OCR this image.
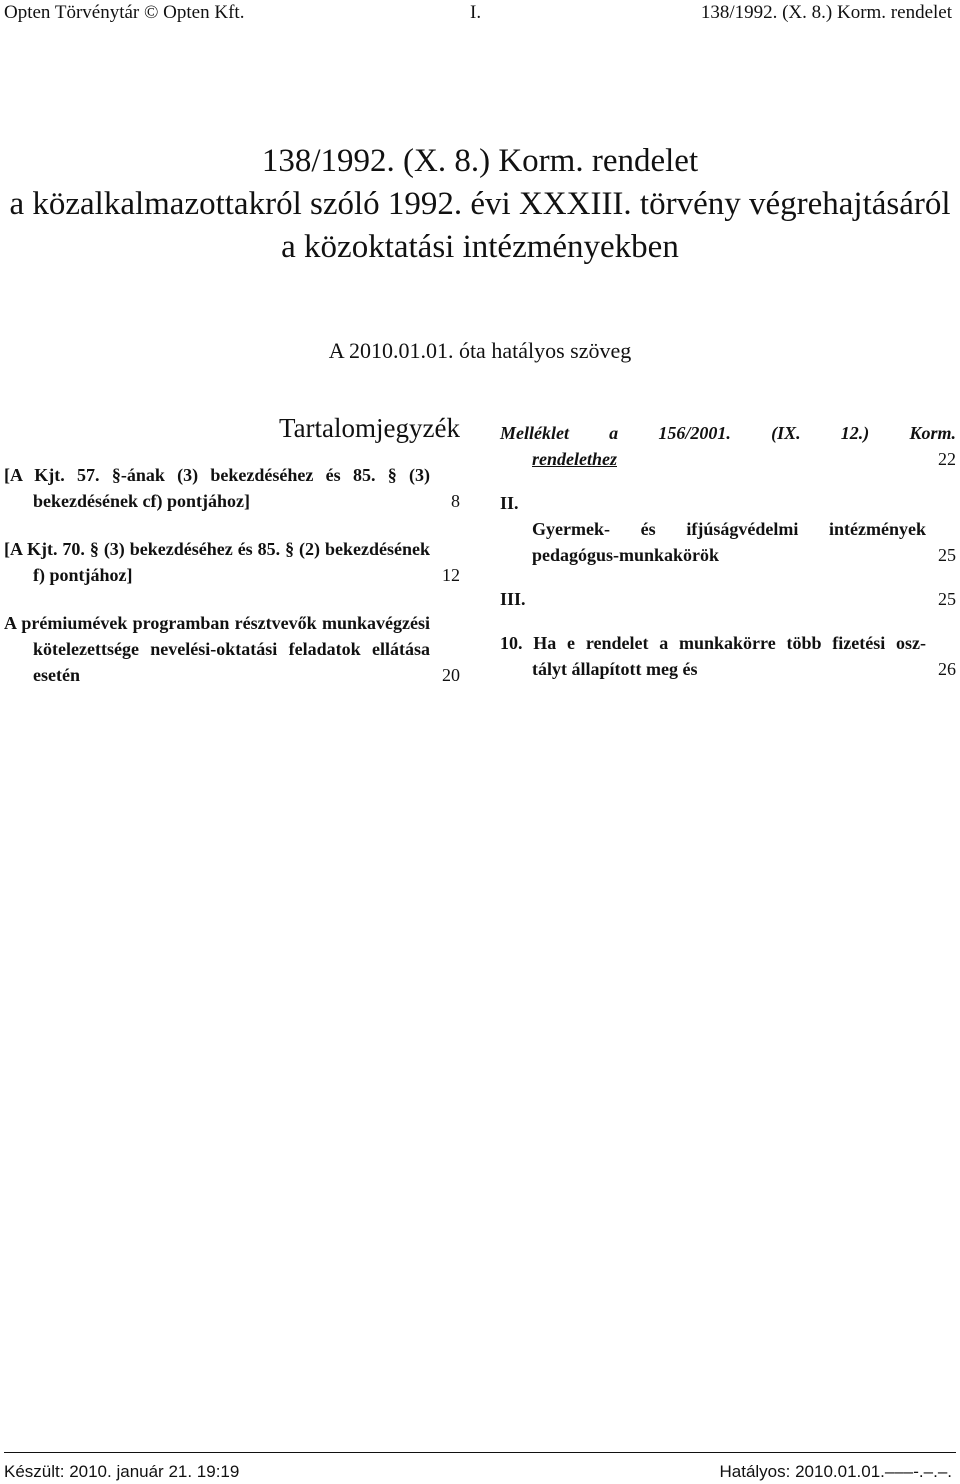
Opten Törvénytár © Opten Kft.	I.	138/1992. (X. 8.) Korm. rendelet
138/1992. (X. 8.) Korm. rendelet
a közalkalmazottakról szóló 1992. évi XXXIII. törvény végrehajtásáról
a közoktatási intézményekben
A 2010.01.01. óta hatályos szöveg
Tartalomjegyzék
[A Kjt. 57. §-ának (3) bekezdéséhez és 85. § (3) bekezdésének cf) pontjához]	8
[A Kjt. 70. § (3) bekezdéséhez és 85. § (2) bekezdésének f) pontjához]	12
A prémiumévek programban résztvevők munkavégzési kötelezettsége nevelési-oktatási feladatok ellátása esetén	20
Melléklet a 156/2001. (IX. 12.) Korm.
rendelethez	22
II.
Gyermek- és ifjúságvédelmi intézmények pedagógus-munkakörök	25
III.	25
10. Ha e rendelet a munkakörre több fizetési osz-
tályt állapított meg és	26
Készült: 2010. január 21. 19:19	Hatályos: 2010.01.01.–––-.–.–.
